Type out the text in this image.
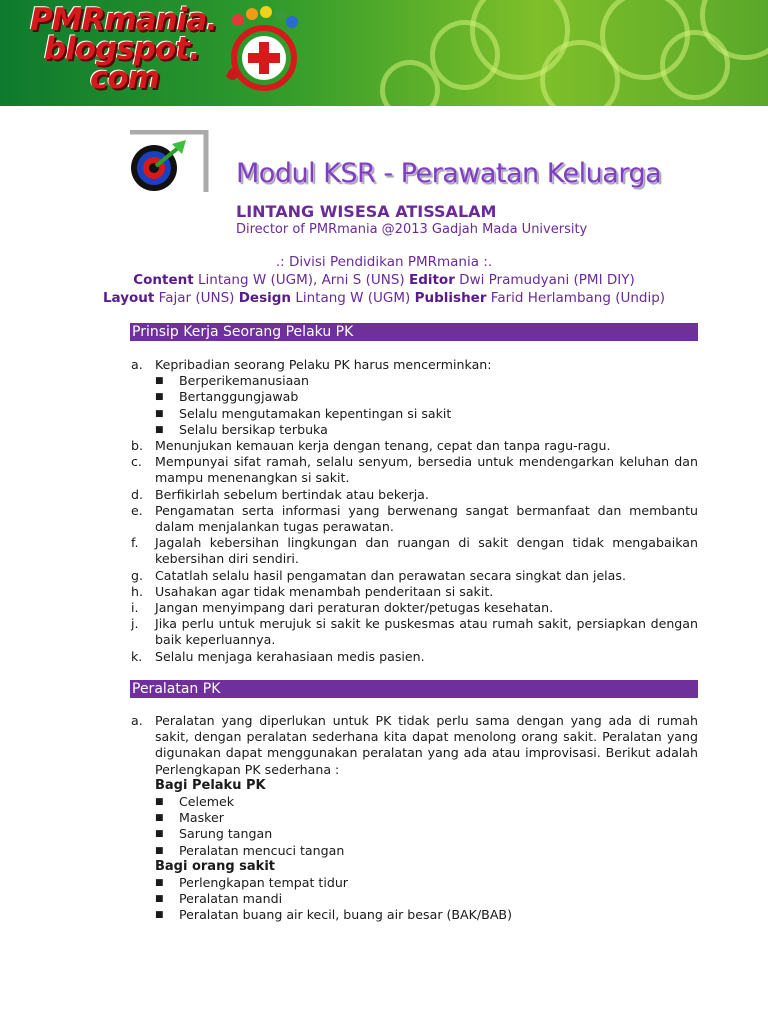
PMRmania.
blogspot.
com
Modul KSR - Perawatan Keluarga
LINTANG WISESA ATISSALAM
Director of PMRmania @2013 Gadjah Mada University
.: Divisi Pendidikan PMRmania :.
Content Lintang W (UGM), Arni S (UNS) Editor Dwi Pramudyani (PMI DIY)
Layout Fajar (UNS) Design Lintang W (UGM) Publisher Farid Herlambang (Undip)
Prinsip Kerja Seorang Pelaku PK
a. Kepribadian seorang Pelaku PK harus mencerminkan:
■	Berperikemanusiaan
■	Bertanggungjawab
■	Selalu mengutamakan kepentingan si sakit
■	Selalu bersikap terbuka
b. Menunjukan kemauan kerja dengan tenang, cepat dan tanpa ragu-ragu.
c.	Mempunyai sifat ramah, selalu senyum, bersedia untuk mendengarkan keluhan dan mampu menenangkan si sakit.
d. Berfikirlah sebelum bertindak atau bekerja.
e. Pengamatan serta informasi yang berwenang sangat bermanfaat dan membantu dalam menjalankan tugas perawatan.
f.	Jagalah kebersihan lingkungan dan ruangan di sakit dengan tidak mengabaikan kebersihan diri sendiri.
g. Catatlah selalu hasil pengamatan dan perawatan secara singkat dan jelas.
h. Usahakan agar tidak menambah penderitaan si sakit.
i.	Jangan menyimpang dari peraturan dokter/petugas kesehatan.
j.	Jika perlu untuk merujuk si sakit ke puskesmas atau rumah sakit, persiapkan dengan baik keperluannya.
k.	Selalu menjaga kerahasiaan medis pasien.
Peralatan PK
a. Peralatan yang diperlukan untuk PK tidak perlu sama dengan yang ada di rumah sakit, dengan peralatan sederhana kita dapat menolong orang sakit. Peralatan yang digunakan dapat menggunakan peralatan yang ada atau improvisasi. Berikut adalah Perlengkapan PK sederhana :
Bagi Pelaku PK
■	Celemek
■	Masker
■	Sarung tangan
■	Peralatan mencuci tangan
Bagi orang sakit
■	Perlengkapan tempat tidur
■	Peralatan mandi
■	Peralatan buang air kecil, buang air besar (BAK/BAB)
